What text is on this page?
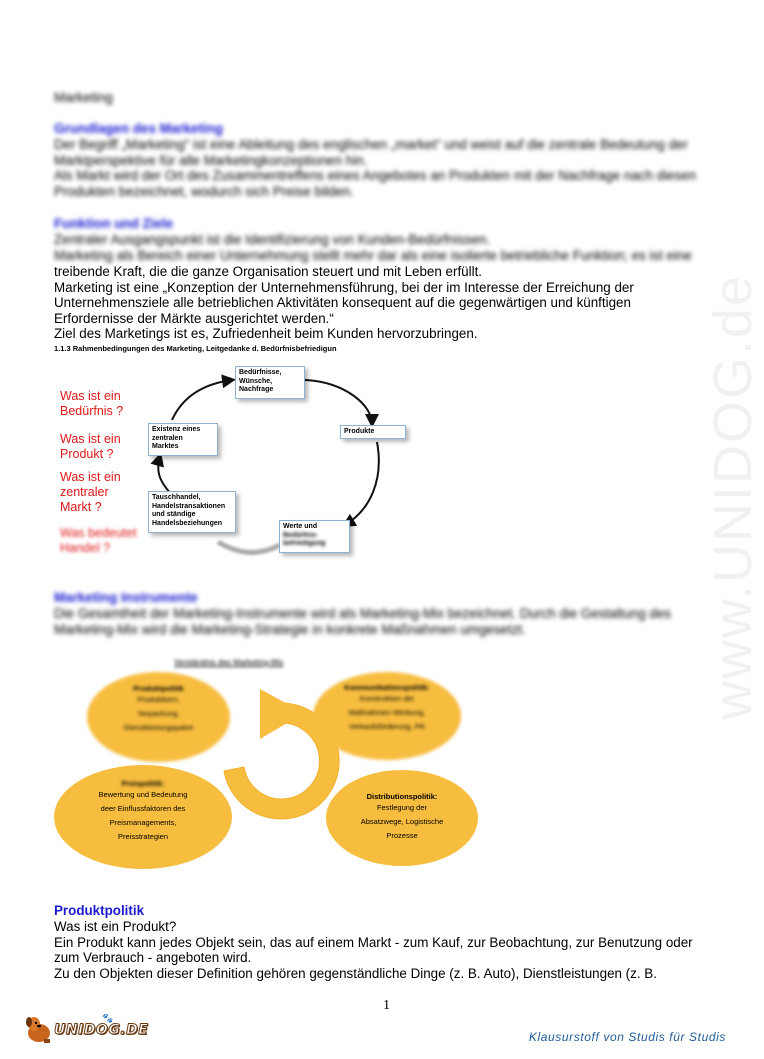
www.UNIDOG.de
Marketing
Grundlagen des Marketing
Der Begriff „Marketing“ ist eine Ableitung des englischen „market“ und weist auf die zentrale Bedeutung der
Marktperspektive für alle Marketingkonzeptionen hin.
Als Markt wird der Ort des Zusammentreffens eines Angebotes an Produkten mit der Nachfrage nach diesen
Produkten bezeichnet, wodurch sich Preise bilden.
Funktion und Ziele
Zentraler Ausgangspunkt ist die Identifizierung von Kunden-Bedürfnissen.
Marketing als Bereich einer Unternehmung stellt mehr dar als eine isolierte betriebliche Funktion; es ist eine
treibende Kraft, die die ganze Organisation steuert und mit Leben erfüllt.
Marketing ist eine „Konzeption der Unternehmensführung, bei der im Interesse der Erreichung der
Unternehmensziele alle betrieblichen Aktivitäten konsequent auf die gegenwärtigen und künftigen
Erfordernisse der Märkte ausgerichtet werden.“
Ziel des Marketings ist es, Zufriedenheit beim Kunden hervorzubringen.
1.1.3 Rahmenbedingungen des Marketing, Leitgedanke d. Bedürfnisbefriedigun
Was ist ein
Bedürfnis ?
Was ist ein
Produkt ?
Was ist ein
zentraler
Markt ?
Was bedeutet
Handel ?
Bedürfnisse,
Wünsche,
Nachfrage
Produkte
Existenz eines
zentralen
Marktes
Tauschhandel,
Handelstransaktionen
und ständige
Handelsbeziehungen	Werte und
Bedürfnis-
befriedigung
Marketing Instrumente
Die Gesamtheit der Marketing-Instrumente wird als Marketing-Mix bezeichnet. Durch die Gestaltung des
Marketing-Mix wird die Marketing-Strategie in konkrete Maßnahmen umgesetzt.
Verständnis des Marketing-Mix
Produktpolitik
Produktkern,
Verpackung,
Dienstleistungspaket
Kommunikationspolitik:
Konstruktion der
Maßnahmen Werbung,
Verkaufsförderung, PR
Preispolitik:
Bewertung und Bedeutung
deer Einflussfaktoren des
Preismanagements,
Preisstrategien
Distributionspolitik:
Festlegung der
Absatzwege, Logistische
Prozesse
Produktpolitik
Was ist ein Produkt?
Ein Produkt kann jedes Objekt sein, das auf einem Markt - zum Kauf, zur Beobachtung, zur Benutzung oder
zum Verbrauch - angeboten wird.
Zu den Objekten dieser Definition gehören gegenständliche Dinge (z. B. Auto), Dienstleistungen (z. B.
1
UNIDOG.DE
🐾
Klausurstoff von Studis für Studis
